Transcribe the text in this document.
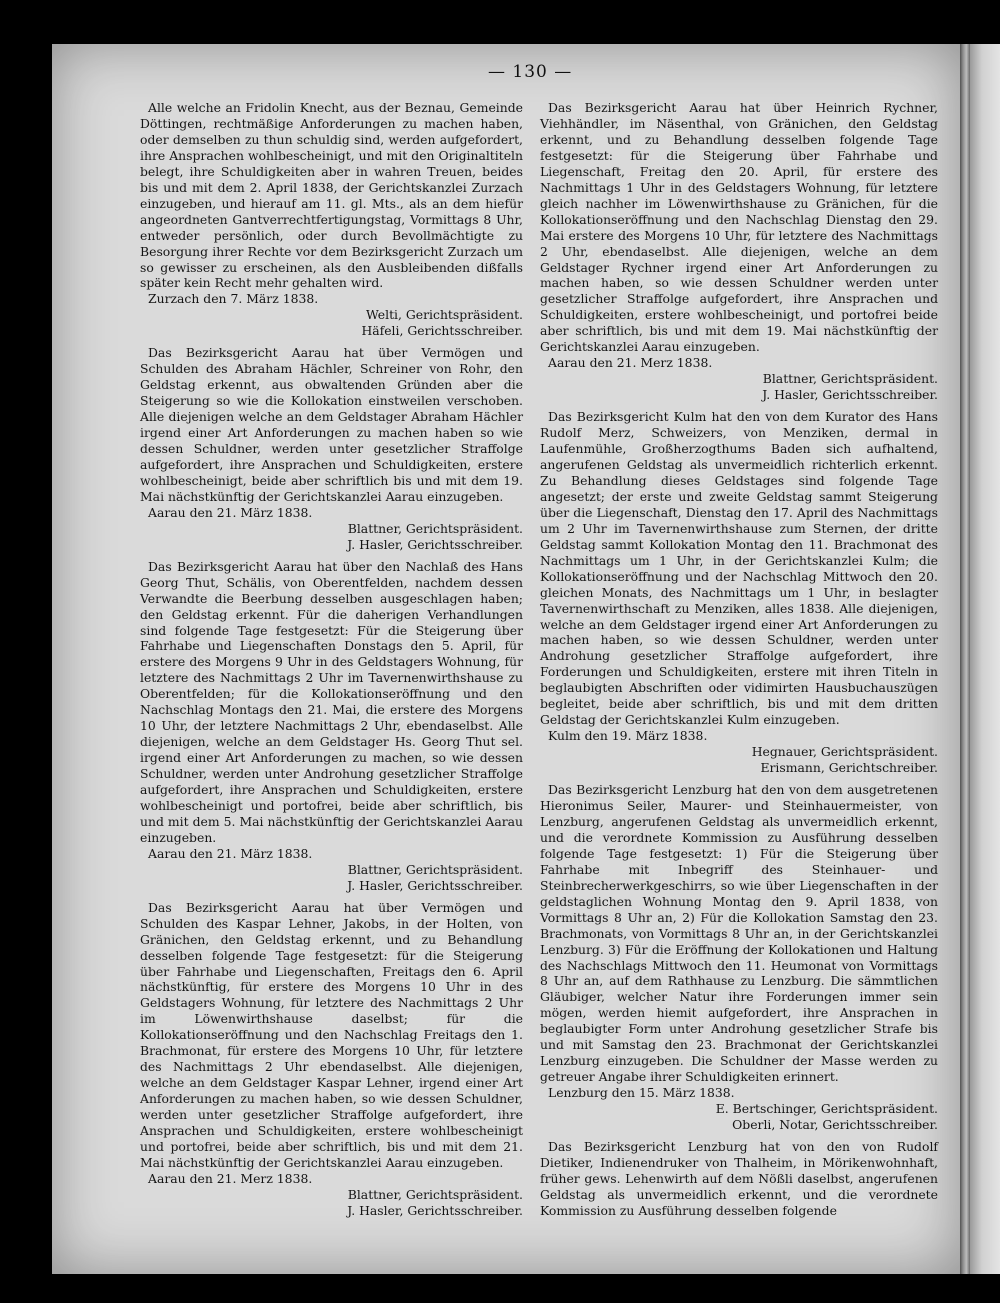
— 130 —

Alle welche an Fridolin Knecht, aus der Beznau, Gemeinde Döttingen, rechtmäßige Anforderungen zu machen haben, oder demselben zu thun schuldig sind, werden aufgefordert, ihre Ansprachen wohlbescheinigt, und mit den Originaltiteln belegt, ihre Schuldigkeiten aber in wahren Treuen, beides bis und mit dem 2. April 1838, der Gerichtskanzlei Zurzach einzugeben, und hierauf am 11. gl. Mts., als an dem hiefür angeordneten Gantverrechtfertigungstag, Vormittags 8 Uhr, entweder persönlich, oder durch Bevollmächtigte zu Besorgung ihrer Rechte vor dem Bezirksgericht Zurzach um so gewisser zu erscheinen, als den Ausbleibenden dißfalls später kein Recht mehr gehalten wird.

Zurzach den 7. März 1838.
Welti, Gerichtspräsident.
Häfeli, Gerichtsschreiber.

Das Bezirksgericht Aarau hat über Vermögen und Schulden des Abraham Hächler, Schreiner von Rohr, den Geldstag erkennt, aus obwaltenden Gründen aber die Steigerung so wie die Kollokation einstweilen verschoben. Alle diejenigen welche an dem Geldstager Abraham Hächler irgend einer Art Anforderungen zu machen haben so wie dessen Schuldner, werden unter gesetzlicher Straffolge aufgefordert, ihre Ansprachen und Schuldigkeiten, erstere wohlbescheinigt, beide aber schriftlich bis und mit dem 19. Mai nächstkünftig der Gerichtskanzlei Aarau einzugeben.

Aarau den 21. März 1838.
Blattner, Gerichtspräsident.
J. Hasler, Gerichtsschreiber.

Das Bezirksgericht Aarau hat über den Nachlaß des Hans Georg Thut, Schälis, von Oberentfelden, nachdem dessen Verwandte die Beerbung desselben ausgeschlagen haben; den Geldstag erkennt. Für die daherigen Verhandlungen sind folgende Tage festgesetzt: Für die Steigerung über Fahrhabe und Liegenschaften Donstags den 5. April, für erstere des Morgens 9 Uhr in des Geldstagers Wohnung, für letztere des Nachmittags 2 Uhr im Tavernenwirthshause zu Oberentfelden; für die Kollokationseröffnung und den Nachschlag Montags den 21. Mai, die erstere des Morgens 10 Uhr, der letztere Nachmittags 2 Uhr, ebendaselbst. Alle diejenigen, welche an dem Geldstager Hs. Georg Thut sel. irgend einer Art Anforderungen zu machen, so wie dessen Schuldner, werden unter Androhung gesetzlicher Straffolge aufgefordert, ihre Ansprachen und Schuldigkeiten, erstere wohlbescheinigt und portofrei, beide aber schriftlich, bis und mit dem 5. Mai nächstkünftig der Gerichtskanzlei Aarau einzugeben.

Aarau den 21. März 1838.
Blattner, Gerichtspräsident.
J. Hasler, Gerichtsschreiber.

Das Bezirksgericht Aarau hat über Vermögen und Schulden des Kaspar Lehner, Jakobs, in der Holten, von Gränichen, den Geldstag erkennt, und zu Behandlung desselben folgende Tage festgesetzt: für die Steigerung über Fahrhabe und Liegenschaften, Freitags den 6. April nächstkünftig, für erstere des Morgens 10 Uhr in des Geldstagers Wohnung, für letztere des Nachmittags 2 Uhr im Löwenwirthshause daselbst; für die Kollokationseröffnung und den Nachschlag Freitags den 1. Brachmonat, für erstere des Morgens 10 Uhr, für letztere des Nachmittags 2 Uhr ebendaselbst. Alle diejenigen, welche an dem Geldstager Kaspar Lehner, irgend einer Art Anforderungen zu machen haben, so wie dessen Schuldner, werden unter gesetzlicher Straffolge aufgefordert, ihre Ansprachen und Schuldigkeiten, erstere wohlbescheinigt und portofrei, beide aber schriftlich, bis und mit dem 21. Mai nächstkünftig der Gerichtskanzlei Aarau einzugeben.

Aarau den 21. Merz 1838.
Blattner, Gerichtspräsident.
J. Hasler, Gerichtsschreiber.

Das Bezirksgericht Aarau hat über Heinrich Rychner, Viehhändler, im Näsenthal, von Gränichen, den Geldstag erkennt, und zu Behandlung desselben folgende Tage festgesetzt: für die Steigerung über Fahrhabe und Liegenschaft, Freitag den 20. April, für erstere des Nachmittags 1 Uhr in des Geldstagers Wohnung, für letztere gleich nachher im Löwenwirthshause zu Gränichen, für die Kollokationseröffnung und den Nachschlag Dienstag den 29. Mai erstere des Morgens 10 Uhr, für letztere des Nachmittags 2 Uhr, ebendaselbst. Alle diejenigen, welche an dem Geldstager Rychner irgend einer Art Anforderungen zu machen haben, so wie dessen Schuldner werden unter gesetzlicher Straffolge aufgefordert, ihre Ansprachen und Schuldigkeiten, erstere wohlbescheinigt, und portofrei beide aber schriftlich, bis und mit dem 19. Mai nächstkünftig der Gerichtskanzlei Aarau einzugeben.

Aarau den 21. Merz 1838.
Blattner, Gerichtspräsident.
J. Hasler, Gerichtsschreiber.

Das Bezirksgericht Kulm hat den von dem Kurator des Hans Rudolf Merz, Schweizers, von Menziken, dermal in Laufenmühle, Großherzogthums Baden sich aufhaltend, angerufenen Geldstag als unvermeidlich richterlich erkennt. Zu Behandlung dieses Geldstages sind folgende Tage angesetzt; der erste und zweite Geldstag sammt Steigerung über die Liegenschaft, Dienstag den 17. April des Nachmittags um 2 Uhr im Tavernenwirthshause zum Sternen, der dritte Geldstag sammt Kollokation Montag den 11. Brachmonat des Nachmittags um 1 Uhr, in der Gerichtskanzlei Kulm; die Kollokationseröffnung und der Nachschlag Mittwoch den 20. gleichen Monats, des Nachmittags um 1 Uhr, in beslagter Tavernenwirthschaft zu Menziken, alles 1838. Alle diejenigen, welche an dem Geldstager irgend einer Art Anforderungen zu machen haben, so wie dessen Schuldner, werden unter Androhung gesetzlicher Straffolge aufgefordert, ihre Forderungen und Schuldigkeiten, erstere mit ihren Titeln in beglaubigten Abschriften oder vidimirten Hausbuchauszügen begleitet, beide aber schriftlich, bis und mit dem dritten Geldstag der Gerichtskanzlei Kulm einzugeben.

Kulm den 19. März 1838.
Hegnauer, Gerichtspräsident.
Erismann, Gerichtschreiber.

Das Bezirksgericht Lenzburg hat den von dem ausgetretenen Hieronimus Seiler, Maurer- und Steinhauermeister, von Lenzburg, angerufenen Geldstag als unvermeidlich erkennt, und die verordnete Kommission zu Ausführung desselben folgende Tage festgesetzt: 1) Für die Steigerung über Fahrhabe mit Inbegriff des Steinhauer- und Steinbrecherwerkgeschirrs, so wie über Liegenschaften in der geldstaglichen Wohnung Montag den 9. April 1838, von Vormittags 8 Uhr an, 2) Für die Kollokation Samstag den 23. Brachmonats, von Vormittags 8 Uhr an, in der Gerichtskanzlei Lenzburg. 3) Für die Eröffnung der Kollokationen und Haltung des Nachschlags Mittwoch den 11. Heumonat von Vormittags 8 Uhr an, auf dem Rathhause zu Lenzburg. Die sämmtlichen Gläubiger, welcher Natur ihre Forderungen immer sein mögen, werden hiemit aufgefordert, ihre Ansprachen in beglaubigter Form unter Androhung gesetzlicher Strafe bis und mit Samstag den 23. Brachmonat der Gerichtskanzlei Lenzburg einzugeben. Die Schuldner der Masse werden zu getreuer Angabe ihrer Schuldigkeiten erinnert.

Lenzburg den 15. März 1838.
E. Bertschinger, Gerichtspräsident.
Oberli, Notar, Gerichtsschreiber.

Das Bezirksgericht Lenzburg hat von den von Rudolf Dietiker, Indienendruker von Thalheim, in Mörikenwohnhaft, früher gews. Lehenwirth auf dem Nößli daselbst, angerufenen Geldstag als unvermeidlich erkennt, und die verordnete Kommission zu Ausführung desselben folgende
